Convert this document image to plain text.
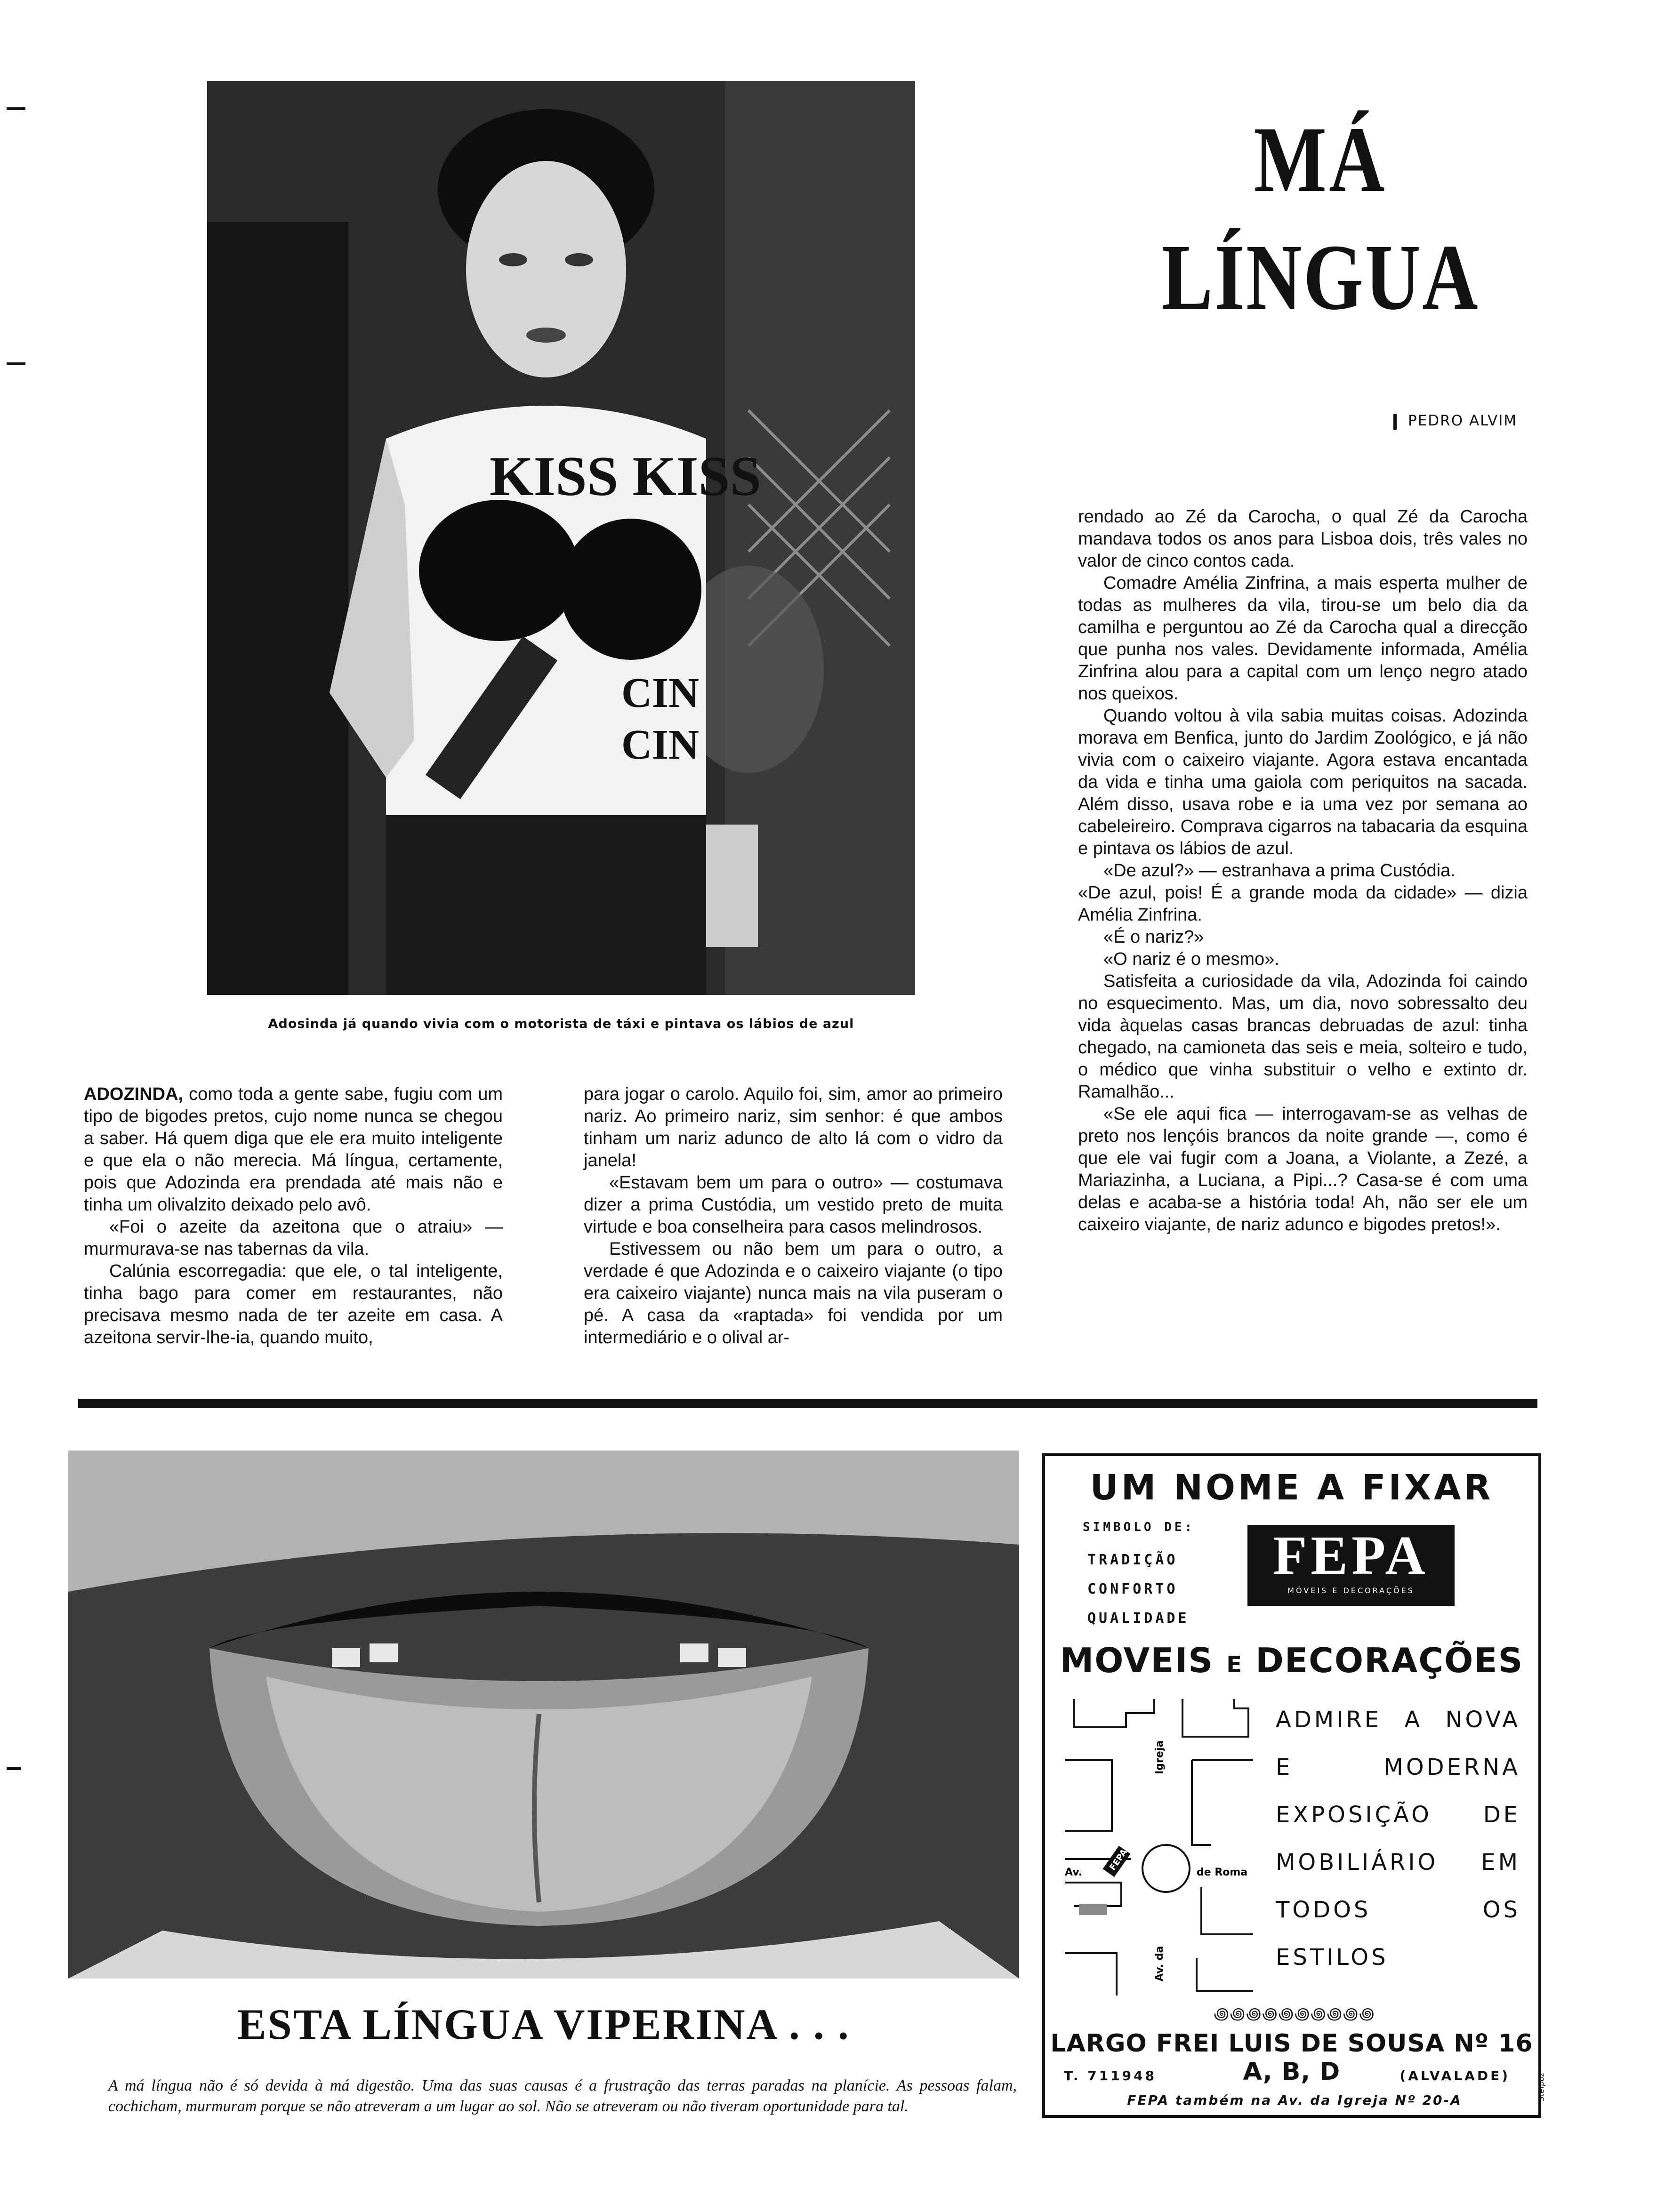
KISS KISS
CIN
CIN
Adosinda já quando vivia com o motorista de táxi e pintava os lábios de azul
MÁ
LÍNGUA
PEDRO ALVIM

rendado ao Zé da Carocha, o qual Zé da Carocha mandava todos os anos para Lisboa dois, três vales no valor de cinco contos cada.

Comadre Amélia Zinfrina, a mais esperta mulher de todas as mulheres da vila, tirou-se um belo dia da camilha e perguntou ao Zé da Carocha qual a direcção que punha nos vales. Devidamente informada, Amélia Zinfrina alou para a capital com um lenço negro atado nos queixos.

Quando voltou à vila sabia muitas coisas. Adozinda morava em Benfica, junto do Jardim Zoológico, e já não vivia com o caixeiro viajante. Agora estava encantada da vida e tinha uma gaiola com periquitos na sacada. Além disso, usava robe e ia uma vez por semana ao cabeleireiro. Comprava cigarros na tabacaria da esquina e pintava os lábios de azul.

«De azul?» — estranhava a prima Custódia.

«De azul, pois! É a grande moda da cidade» — dizia Amélia Zinfrina.

«É o nariz?»

«O nariz é o mesmo».

Satisfeita a curiosidade da vila, Adozinda foi caindo no esquecimento. Mas, um dia, novo sobressalto deu vida àquelas casas brancas debruadas de azul: tinha chegado, na camioneta das seis e meia, solteiro e tudo, o médico que vinha substituir o velho e extinto dr. Ramalhão...

«Se ele aqui fica — interrogavam-se as velhas de preto nos lençóis brancos da noite grande —, como é que ele vai fugir com a Joana, a Violante, a Zezé, a Mariazinha, a Luciana, a Pipi...? Casa-se é com uma delas e acaba-se a história toda! Ah, não ser ele um caixeiro viajante, de nariz adunco e bigodes pretos!».

ADOZINDA, como toda a gente sabe, fugiu com um tipo de bigodes pretos, cujo nome nunca se chegou a saber. Há quem diga que ele era muito inteligente e que ela o não merecia. Má língua, certamente, pois que Adozinda era prendada até mais não e tinha um olivalzito deixado pelo avô.

«Foi o azeite da azeitona que o atraiu» — murmurava-se nas tabernas da vila.

Calúnia escorregadia: que ele, o tal inteligente, tinha bago para comer em restaurantes, não precisava mesmo nada de ter azeite em casa. A azeitona servir-lhe-ia, quando muito,

para jogar o carolo. Aquilo foi, sim, amor ao primeiro nariz. Ao primeiro nariz, sim senhor: é que ambos tinham um nariz adunco de alto lá com o vidro da janela!

«Estavam bem um para o outro» — costumava dizer a prima Custódia, um vestido preto de muita virtude e boa conselheira para casos melindrosos.

Estivessem ou não bem um para o outro, a verdade é que Adozinda e o caixeiro viajante (o tipo era caixeiro viajante) nunca mais na vila puseram o pé. A casa da «raptada» foi vendida por um intermediário e o olival ar-

ESTA LÍNGUA VIPERINA . . .
A má língua não é só devida à má digestão. Uma das suas causas é a frustração das terras paradas na planície. As pessoas falam, cochicham, murmuram porque se não atreveram a um lugar ao sol. Não se atreveram ou não tiveram oportunidade para tal.
UM NOME A FIXAR
SIMBOLO DE:
TRADIÇÃO
CONFORTO
QUALIDADE
FEPA
MÓVEIS E DECORAÇÕES
MOVEIS E DECORAÇÕES
FEPA
Av.	de Roma
Igreja
Av. da
ADMIRE A NOVA
E MODERNA
EXPOSIÇÃO DE
MOBILIÁRIO EM
TODOS OS
ESTILOS
꩜꩜꩜꩜꩜꩜꩜꩜꩜꩜
LARGO FREI LUIS DE SOUSA Nº 16 A, B, D
T. 711948	(ALVALADE)
FEPA também na Av. da Igreja Nº 20-A	Stefpoz
